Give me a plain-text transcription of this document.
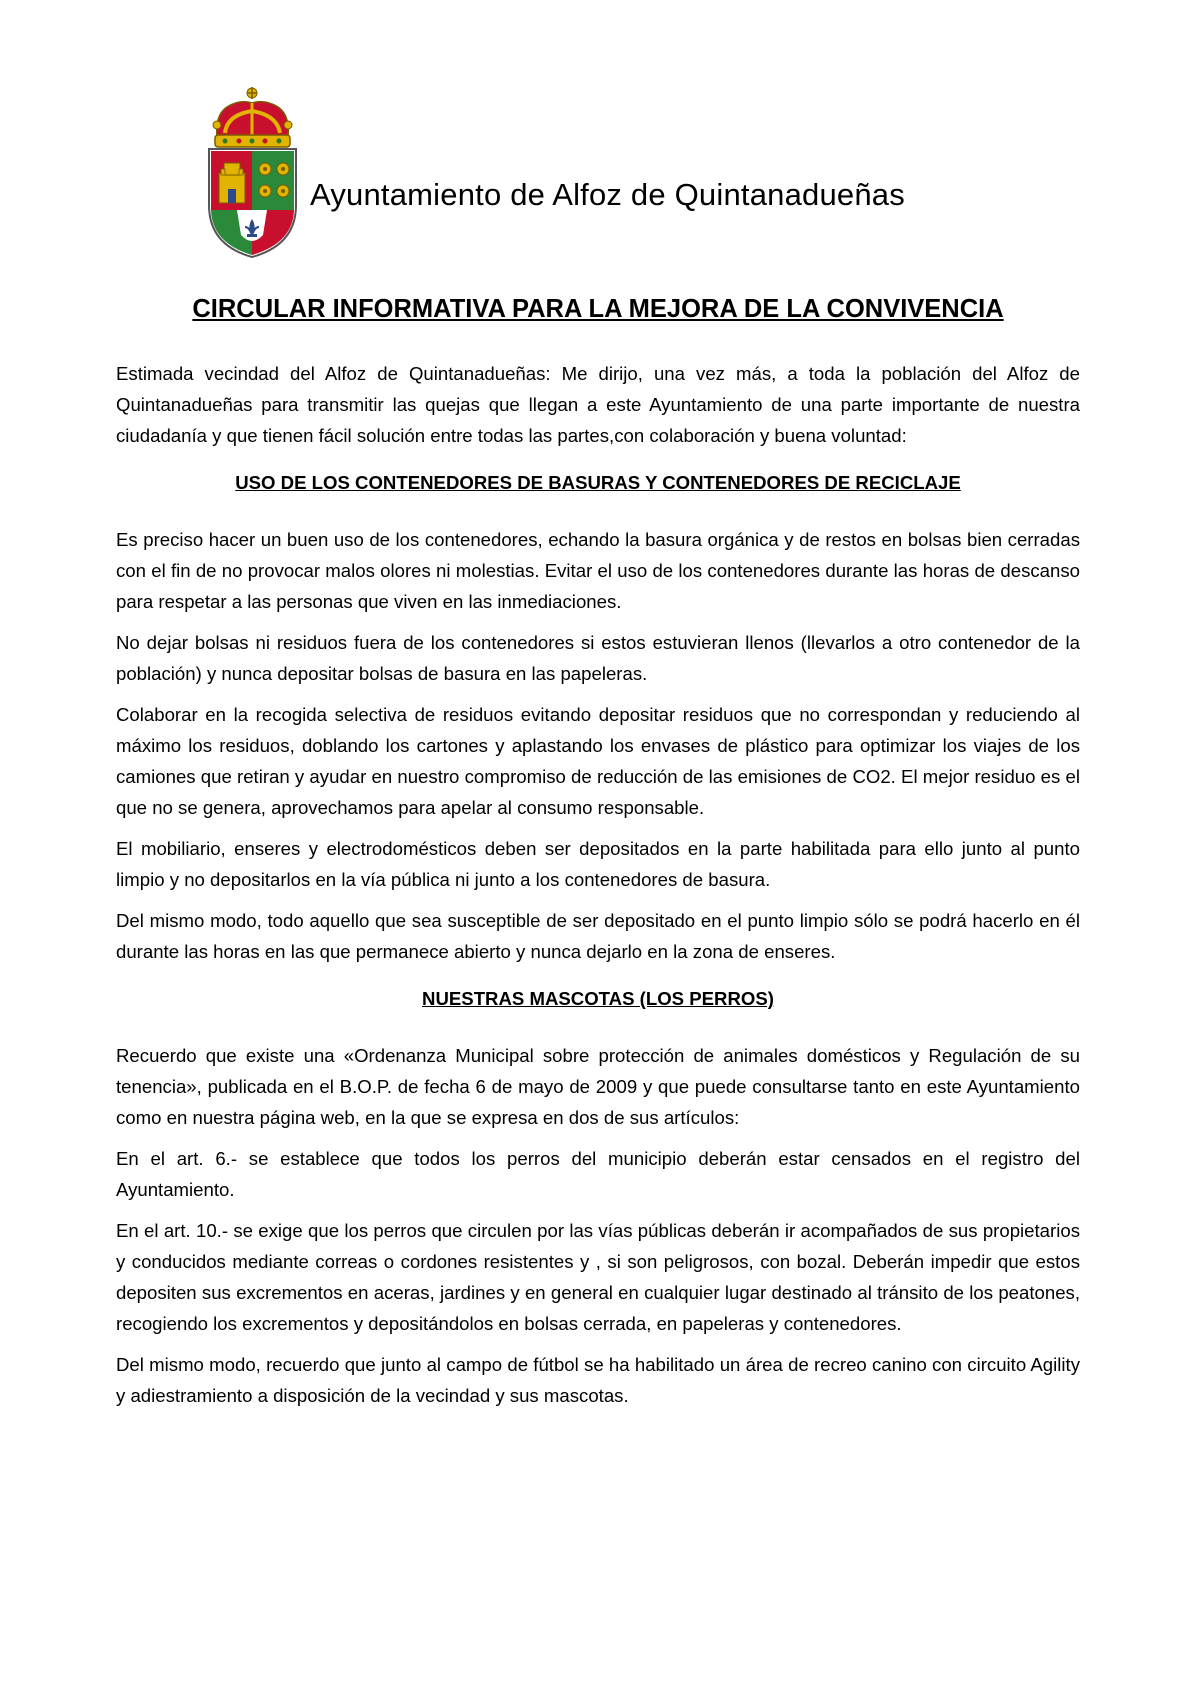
Ayuntamiento de Alfoz de Quintanadueñas
CIRCULAR INFORMATIVA PARA LA MEJORA DE LA CONVIVENCIA

Estimada vecindad del Alfoz de Quintanadueñas: Me dirijo, una vez más, a toda la población del Alfoz de Quintanadueñas para transmitir las quejas que llegan a este Ayuntamiento de una parte importante de nuestra ciudadanía y que tienen fácil solución entre todas las partes,con colaboración y buena voluntad:

USO DE LOS CONTENEDORES DE BASURAS Y CONTENEDORES DE RECICLAJE

Es preciso hacer un buen uso de los contenedores, echando la basura orgánica y de restos en bolsas bien cerradas con el fin de no provocar malos olores ni molestias. Evitar el uso de los contenedores durante las horas de descanso para respetar a las personas que viven en las inmediaciones.

No dejar bolsas ni residuos fuera de los contenedores si estos estuvieran llenos (llevarlos a otro contenedor de la población) y nunca depositar bolsas de basura en las papeleras.

Colaborar en la recogida selectiva de residuos evitando depositar residuos que no correspondan y reduciendo al máximo los residuos, doblando los cartones y aplastando los envases de plástico para optimizar los viajes de los camiones que retiran y ayudar en nuestro compromiso de reducción de las emisiones de CO2. El mejor residuo es el que no se genera, aprovechamos para apelar al consumo responsable.

El mobiliario, enseres y electrodomésticos deben ser depositados en la parte habilitada para ello junto al punto limpio y no depositarlos en la vía pública ni junto a los contenedores de basura.

Del mismo modo, todo aquello que sea susceptible de ser depositado en el punto limpio sólo se podrá hacerlo en él durante las horas en las que permanece abierto y nunca dejarlo en la zona de enseres.

NUESTRAS MASCOTAS (LOS PERROS)

Recuerdo que existe una «Ordenanza Municipal sobre protección de animales domésticos y Regulación de su tenencia», publicada en el B.O.P. de fecha 6 de mayo de 2009 y que puede consultarse tanto en este Ayuntamiento como en nuestra página web, en la que se expresa en dos de sus artículos:

En el art. 6.- se establece que todos los perros del municipio deberán estar censados en el registro del Ayuntamiento.

En el art. 10.- se exige que los perros que circulen por las vías públicas deberán ir acompañados de sus propietarios y conducidos mediante correas o cordones resistentes y , si son peligrosos, con bozal. Deberán impedir que estos depositen sus excrementos en aceras, jardines y en general en cualquier lugar destinado al tránsito de los peatones, recogiendo los excrementos y depositándolos en bolsas cerrada, en papeleras y contenedores.

Del mismo modo, recuerdo que junto al campo de fútbol se ha habilitado un área de recreo canino con circuito Agility y adiestramiento a disposición de la vecindad y sus mascotas.
